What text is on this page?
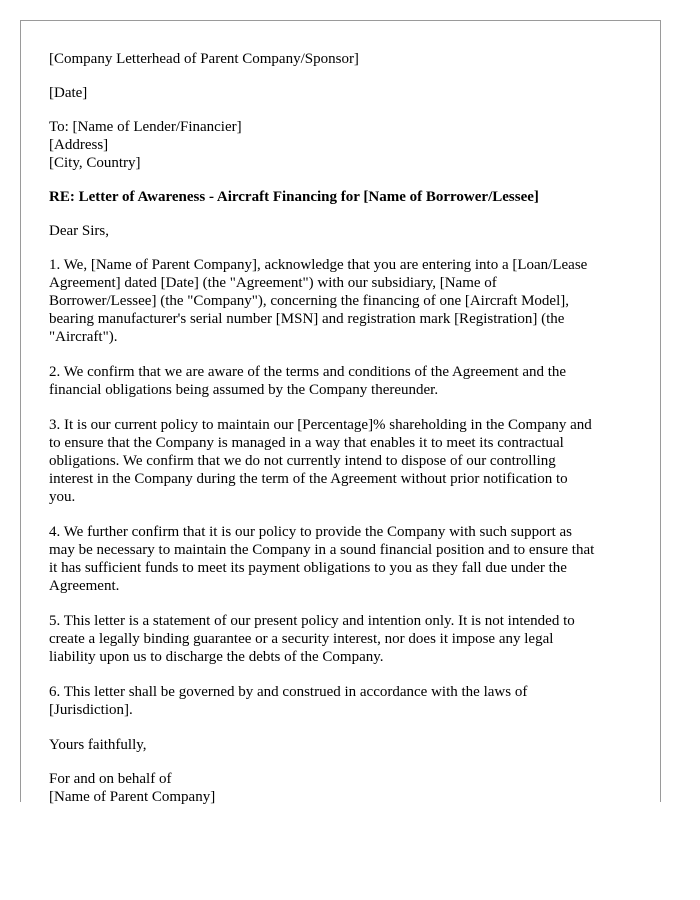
[Company Letterhead of Parent Company/Sponsor]
[Date]
To: [Name of Lender/Financier]
[Address]
[City, Country]
RE: Letter of Awareness - Aircraft Financing for [Name of Borrower/Lessee]
Dear Sirs,
1. We, [Name of Parent Company], acknowledge that you are entering into a [Loan/Lease
Agreement] dated [Date] (the "Agreement") with our subsidiary, [Name of
Borrower/Lessee] (the "Company"), concerning the financing of one [Aircraft Model],
bearing manufacturer's serial number [MSN] and registration mark [Registration] (the
"Aircraft").
2. We confirm that we are aware of the terms and conditions of the Agreement and the
financial obligations being assumed by the Company thereunder.
3. It is our current policy to maintain our [Percentage]% shareholding in the Company and
to ensure that the Company is managed in a way that enables it to meet its contractual
obligations. We confirm that we do not currently intend to dispose of our controlling
interest in the Company during the term of the Agreement without prior notification to
you.
4. We further confirm that it is our policy to provide the Company with such support as
may be necessary to maintain the Company in a sound financial position and to ensure that
it has sufficient funds to meet its payment obligations to you as they fall due under the
Agreement.
5. This letter is a statement of our present policy and intention only. It is not intended to
create a legally binding guarantee or a security interest, nor does it impose any legal
liability upon us to discharge the debts of the Company.
6. This letter shall be governed by and construed in accordance with the laws of
[Jurisdiction].
Yours faithfully,
For and on behalf of
[Name of Parent Company]
